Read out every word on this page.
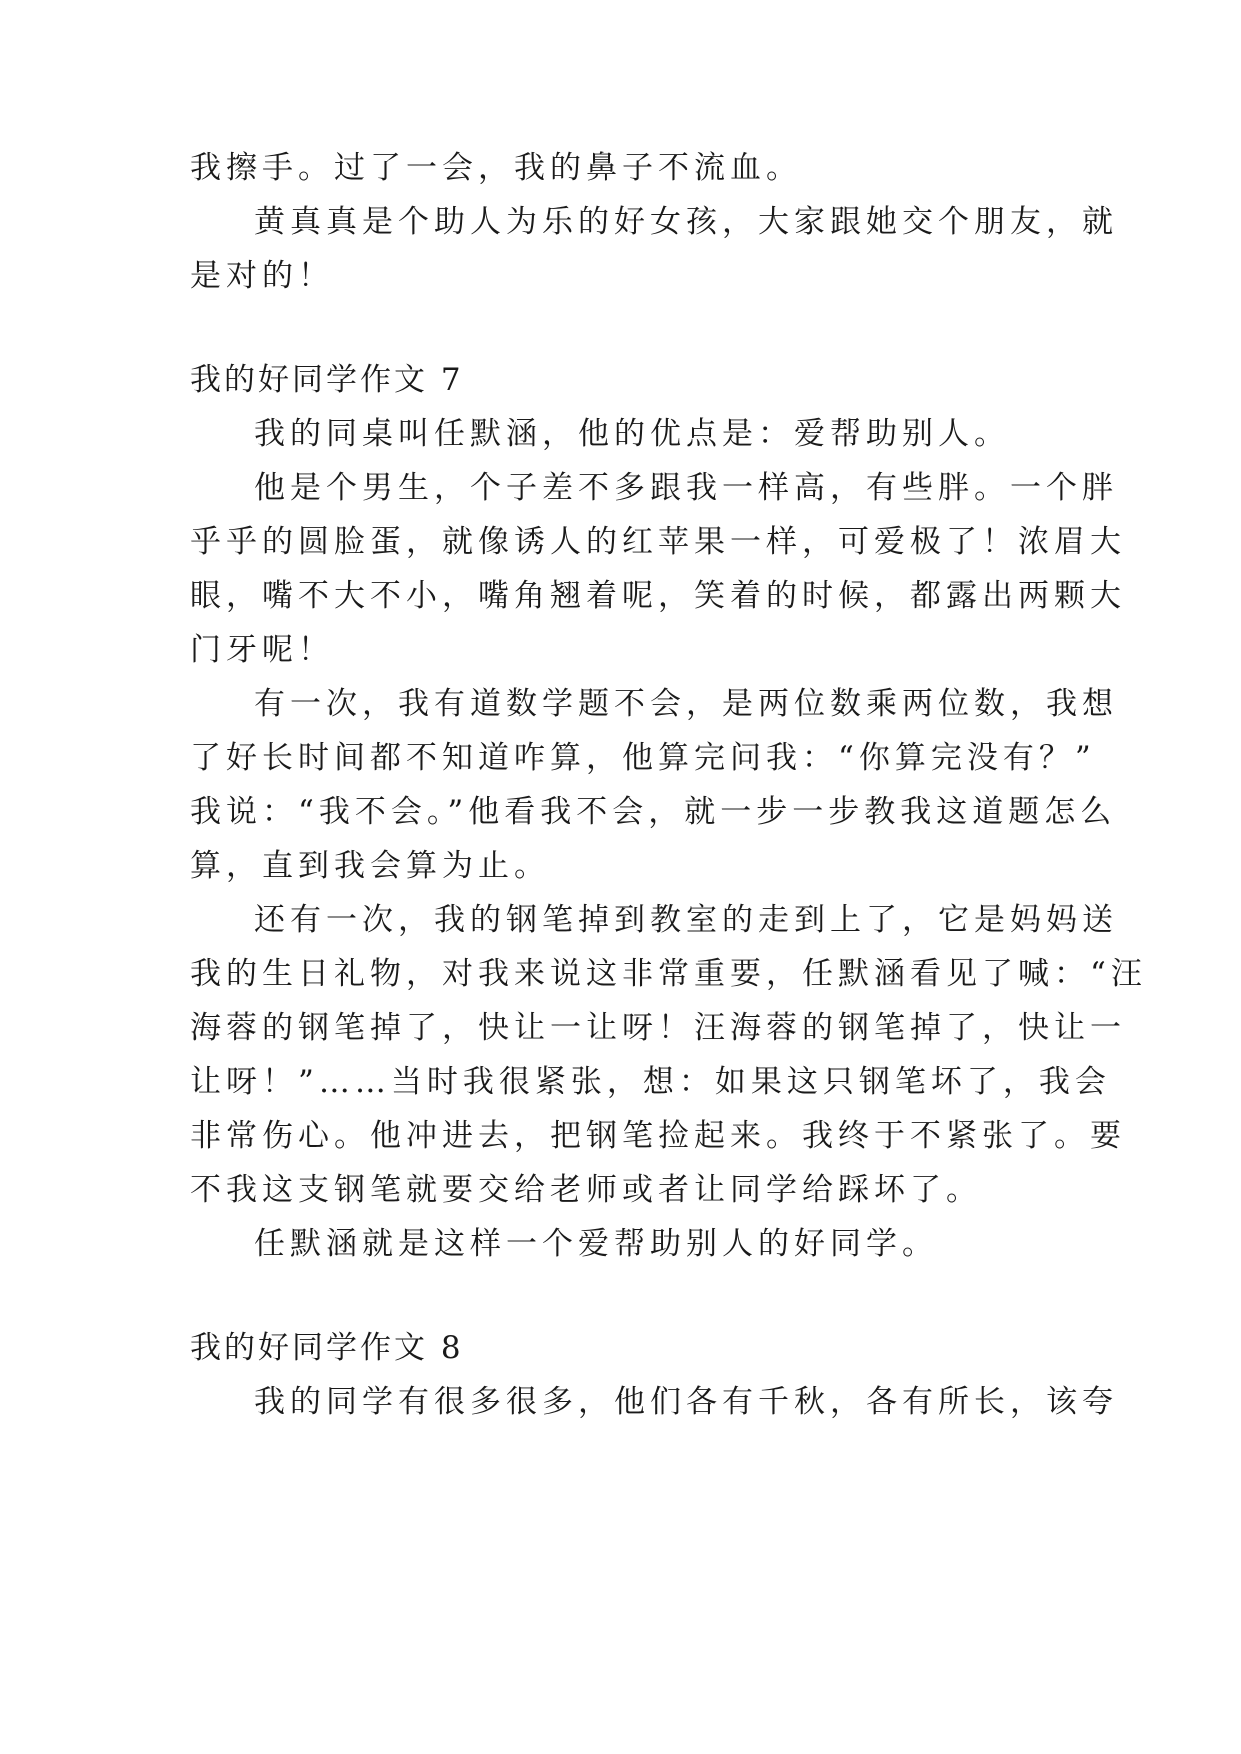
我擦手。过了一会，我的鼻子不流血。
黄真真是个助人为乐的好女孩，大家跟她交个朋友，就
是对的！
我的好同学作文 7
我的同桌叫任默涵，他的优点是：爱帮助别人。
他是个男生，个子差不多跟我一样高，有些胖。一个胖
乎乎的圆脸蛋，就像诱人的红苹果一样，可爱极了！浓眉大
眼，嘴不大不小，嘴角翘着呢，笑着的时候，都露出两颗大
门牙呢！
有一次，我有道数学题不会，是两位数乘两位数，我想
了好长时间都不知道咋算，他算完问我：“你算完没有？”
我说：“我不会。”他看我不会，就一步一步教我这道题怎么
算，直到我会算为止。
还有一次，我的钢笔掉到教室的走到上了，它是妈妈送
我的生日礼物，对我来说这非常重要，任默涵看见了喊：“汪
海蓉的钢笔掉了，快让一让呀！汪海蓉的钢笔掉了，快让一
让呀！”……当时我很紧张，想：如果这只钢笔坏了，我会
非常伤心。他冲进去，把钢笔捡起来。我终于不紧张了。要
不我这支钢笔就要交给老师或者让同学给踩坏了。
任默涵就是这样一个爱帮助别人的好同学。
我的好同学作文 8
我的同学有很多很多，他们各有千秋，各有所长，该夸
